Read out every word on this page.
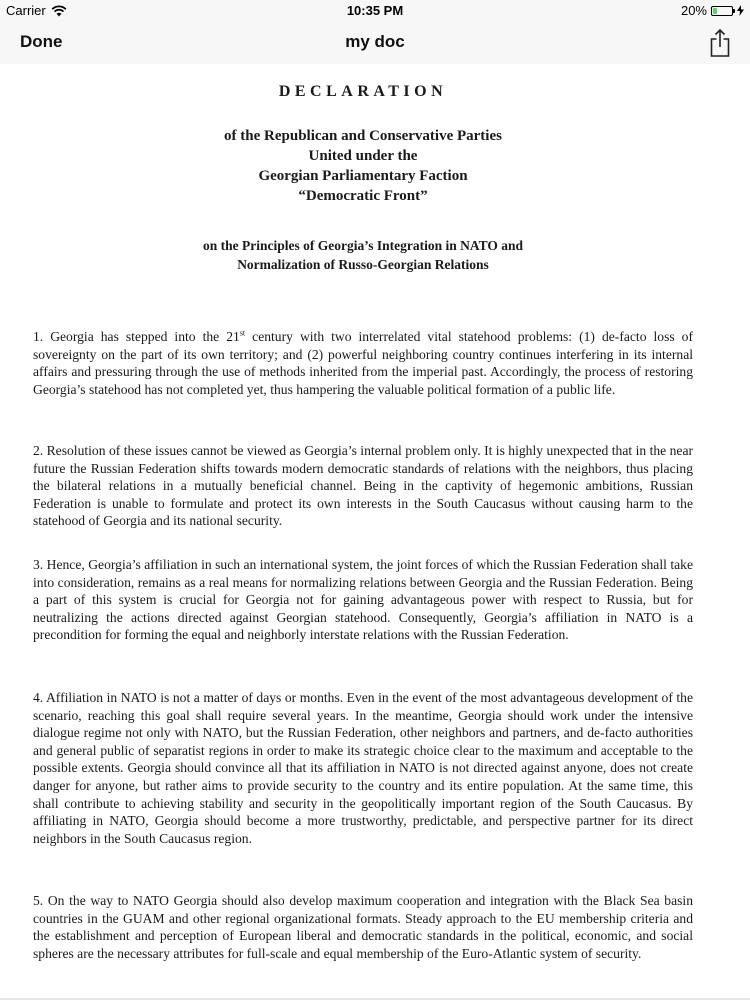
Carrier	10:35 PM	20%
Done	my doc
DECLARATION
of the Republican and Conservative Parties
United under the
Georgian Parliamentary Faction
“Democratic Front”
on the Principles of Georgia’s Integration in NATO and
Normalization of Russo-Georgian Relations

1. Georgia has stepped into the 21st century with two interrelated vital statehood problems: (1) de-facto loss of sovereignty on the part of its own territory; and (2) powerful neighboring country continues interfering in its internal affairs and pressuring through the use of methods inherited from the imperial past. Accordingly, the process of restoring Georgia’s statehood has not completed yet, thus hampering the valuable political formation of a public life.

2. Resolution of these issues cannot be viewed as Georgia’s internal problem only. It is highly unexpected that in the near future the Russian Federation shifts towards modern democratic standards of relations with the neighbors, thus placing the bilateral relations in a mutually beneficial channel. Being in the captivity of hegemonic ambitions, Russian Federation is unable to formulate and protect its own interests in the South Caucasus without causing harm to the statehood of Georgia and its national security.

3. Hence, Georgia’s affiliation in such an international system, the joint forces of which the Russian Federation shall take into consideration, remains as a real means for normalizing relations between Georgia and the Russian Federation. Being a part of this system is crucial for Georgia not for gaining advantageous power with respect to Russia, but for neutralizing the actions directed against Georgian statehood. Consequently, Georgia’s affiliation in NATO is a precondition for forming the equal and neighborly interstate relations with the Russian Federation.

4. Affiliation in NATO is not a matter of days or months. Even in the event of the most advantageous development of the scenario, reaching this goal shall require several years. In the meantime, Georgia should work under the intensive dialogue regime not only with NATO, but the Russian Federation, other neighbors and partners, and de-facto authorities and general public of separatist regions in order to make its strategic choice clear to the maximum and acceptable to the possible extents. Georgia should convince all that its affiliation in NATO is not directed against anyone, does not create danger for anyone, but rather aims to provide security to the country and its entire population. At the same time, this shall contribute to achieving stability and security in the geopolitically important region of the South Caucasus. By affiliating in NATO, Georgia should become a more trustworthy, predictable, and perspective partner for its direct neighbors in the South Caucasus region.

5. On the way to NATO Georgia should also develop maximum cooperation and integration with the Black Sea basin countries in the GUAM and other regional organizational formats. Steady approach to the EU membership criteria and the establishment and perception of European liberal and democratic standards in the political, economic, and social spheres are the necessary attributes for full-scale and equal membership of the Euro-Atlantic system of security.
